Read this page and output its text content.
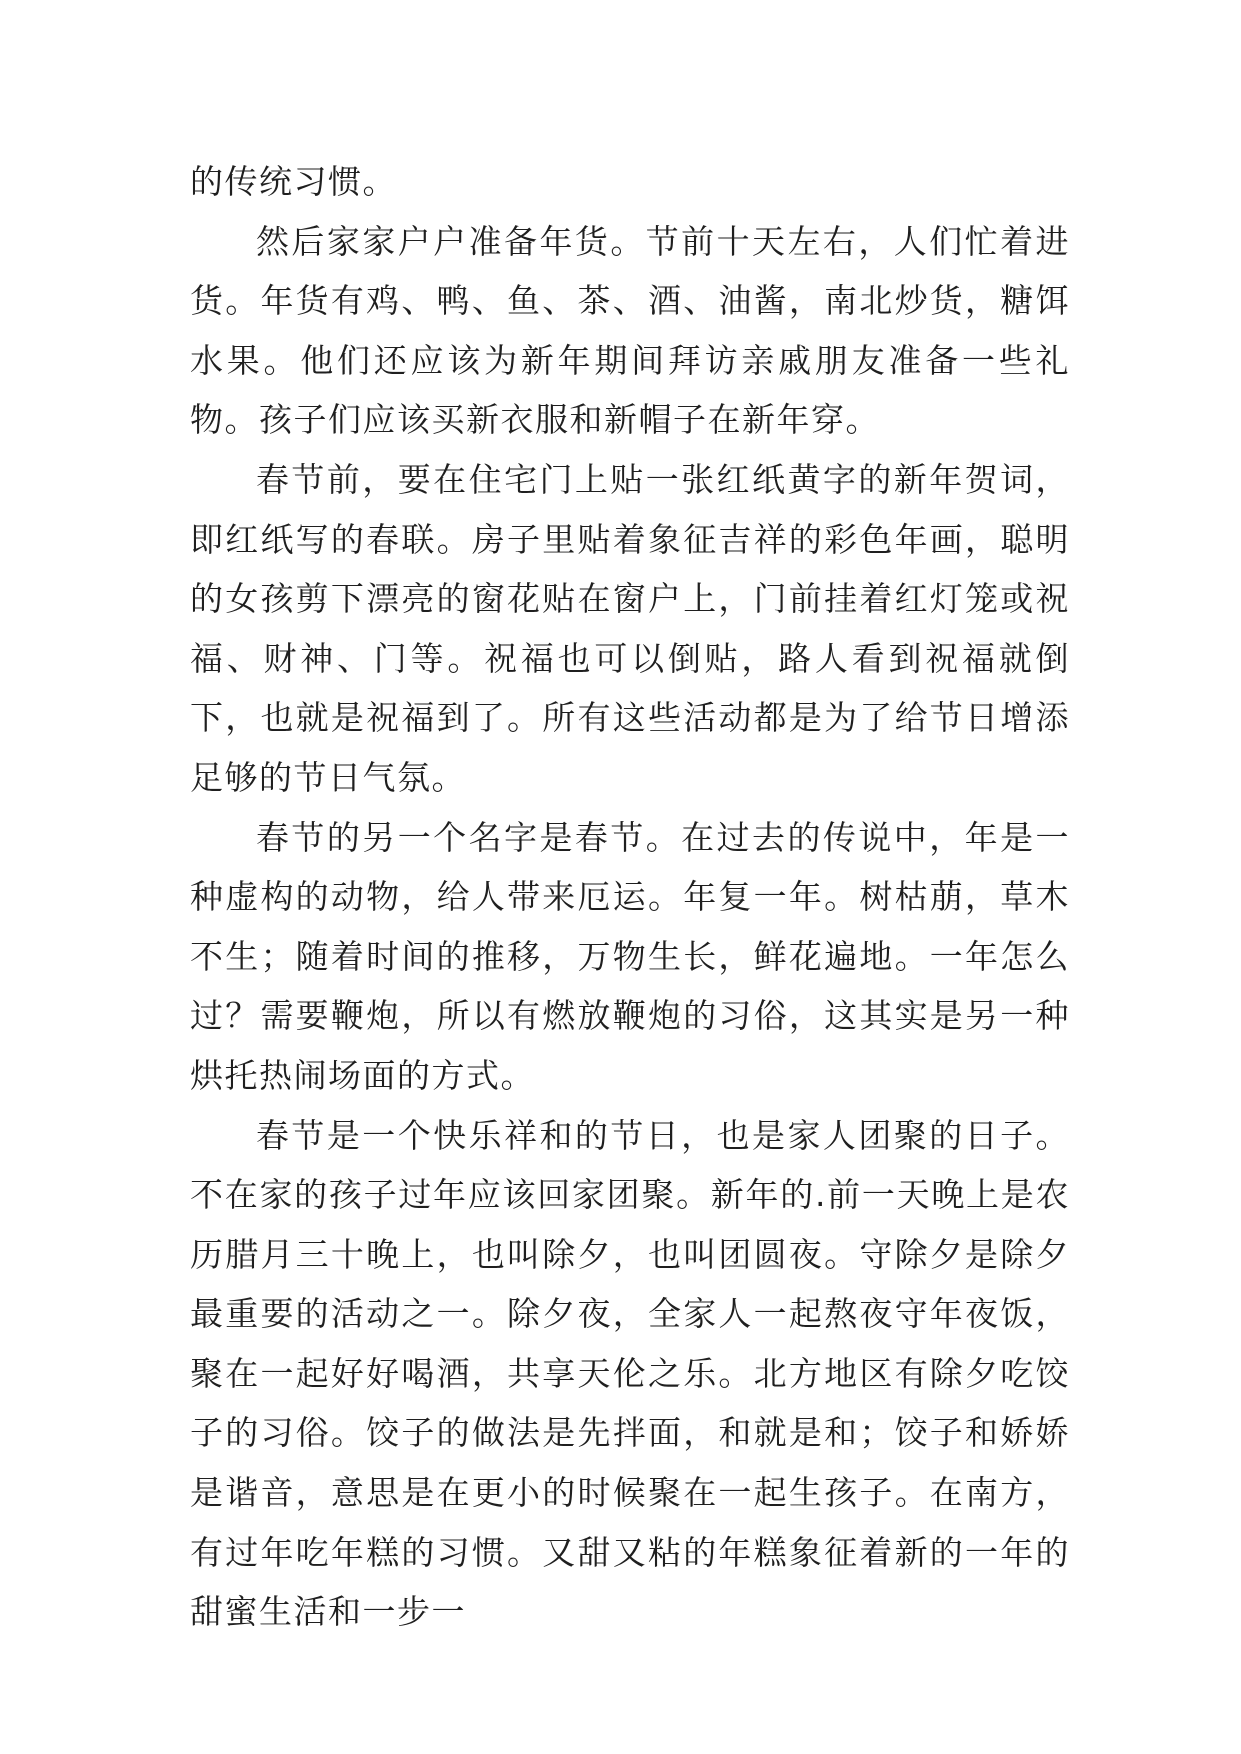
的传统习惯。

然后家家户户准备年货。节前十天左右，人们忙着进货。年货有鸡、鸭、鱼、茶、酒、油酱，南北炒货，糖饵水果。他们还应该为新年期间拜访亲戚朋友准备一些礼物。孩子们应该买新衣服和新帽子在新年穿。

春节前，要在住宅门上贴一张红纸黄字的新年贺词，即红纸写的春联。房子里贴着象征吉祥的彩色年画，聪明的女孩剪下漂亮的窗花贴在窗户上，门前挂着红灯笼或祝福、财神、门等。祝福也可以倒贴，路人看到祝福就倒下，也就是祝福到了。所有这些活动都是为了给节日增添足够的节日气氛。

春节的另一个名字是春节。在过去的传说中，年是一种虚构的动物，给人带来厄运。年复一年。树枯萠，草木不生；随着时间的推移，万物生长，鲜花遍地。一年怎么过？需要鞭炮，所以有燃放鞭炮的习俗，这其实是另一种烘托热闹场面的方式。

春节是一个快乐祥和的节日，也是家人团聚的日子。不在家的孩子过年应该回家团聚。新年的.前一天晚上是农历腊月三十晚上，也叫除夕，也叫团圆夜。守除夕是除夕最重要的活动之一。除夕夜，全家人一起熬夜守年夜饭，聚在一起好好喝酒，共享天伦之乐。北方地区有除夕吃饺子的习俗。饺子的做法是先拌面，和就是和；饺子和娇娇是谐音，意思是在更小的时候聚在一起生孩子。在南方，有过年吃年糕的习惯。又甜又粘的年糕象征着新的一年的甜蜜生活和一步一
